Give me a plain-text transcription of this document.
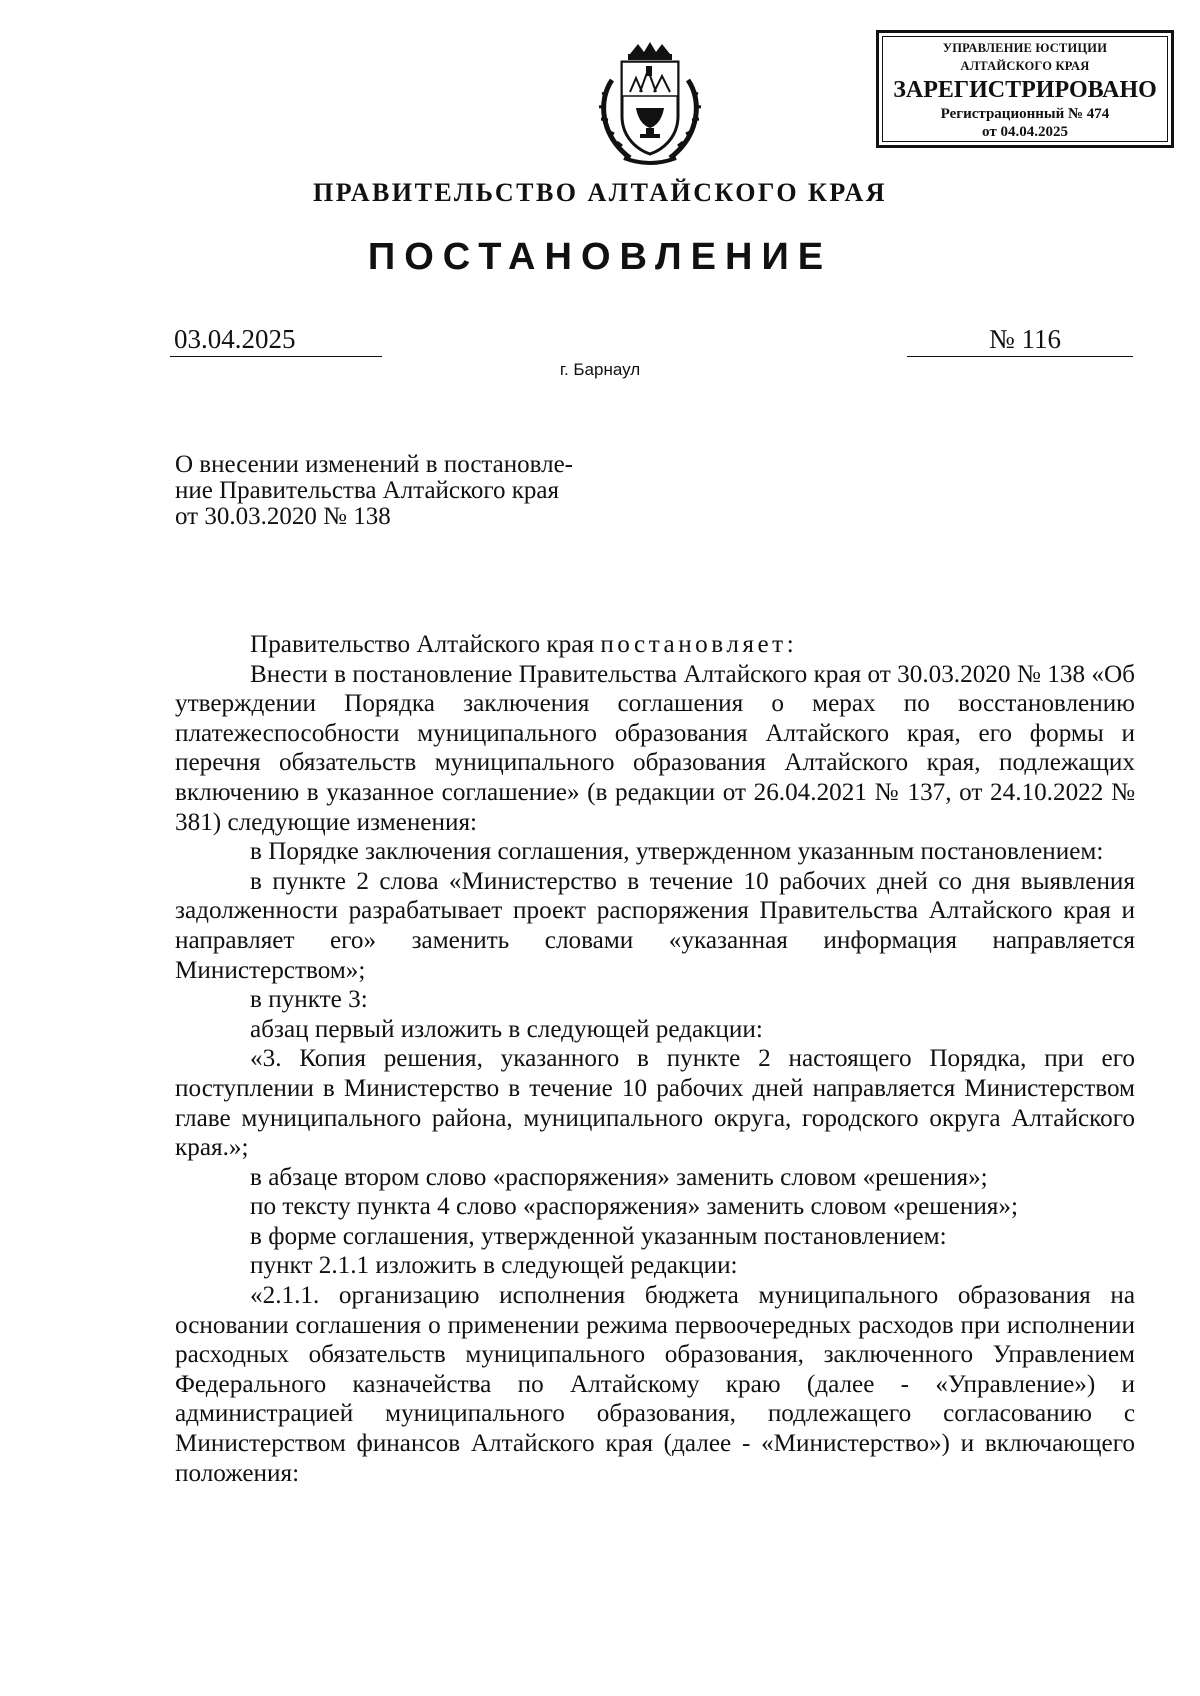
УПРАВЛЕНИЕ ЮСТИЦИИ
АЛТАЙСКОГО КРАЯ
ЗАРЕГИСТРИРОВАНО
Регистрационный № 474
от 04.04.2025
ПРАВИТЕЛЬСТВО АЛТАЙСКОГО КРАЯ
ПОСТАНОВЛЕНИЕ
03.04.2025	№ 116
г. Барнаул
О внесении изменений в постановле-
ние Правительства Алтайского края
от 30.03.2020 № 138

Правительство Алтайского края постановляет:

Внести в постановление Правительства Алтайского края от 30.03.2020 № 138 «Об утверждении Порядка заключения соглашения о мерах по восстановлению платежеспособности муниципального образования Алтайского края, его формы и перечня обязательств муниципального образования Алтайского края, подлежащих включению в указанное соглашение» (в редакции от 26.04.2021 № 137, от 24.10.2022 № 381) следующие изменения:

в Порядке заключения соглашения, утвержденном указанным постановлением:

в пункте 2 слова «Министерство в течение 10 рабочих дней со дня выявления задолженности разрабатывает проект распоряжения Правительства Алтайского края и направляет его» заменить словами «указанная информация направляется Министерством»;

в пункте 3:

абзац первый изложить в следующей редакции:

«3. Копия решения, указанного в пункте 2 настоящего Порядка, при его поступлении в Министерство в течение 10 рабочих дней направляется Министерством главе муниципального района, муниципального округа, городского округа Алтайского края.»;

в абзаце втором слово «распоряжения» заменить словом «решения»;

по тексту пункта 4 слово «распоряжения» заменить словом «решения»;

в форме соглашения, утвержденной указанным постановлением:

пункт 2.1.1 изложить в следующей редакции:

«2.1.1. организацию исполнения бюджета муниципального образования на основании соглашения о применении режима первоочередных расходов при исполнении расходных обязательств муниципального образования, заключенного Управлением Федерального казначейства по Алтайскому краю (далее - «Управление») и администрацией муниципального образования, подлежащего согласованию с Министерством финансов Алтайского края (далее - «Министерство») и включающего положения:
